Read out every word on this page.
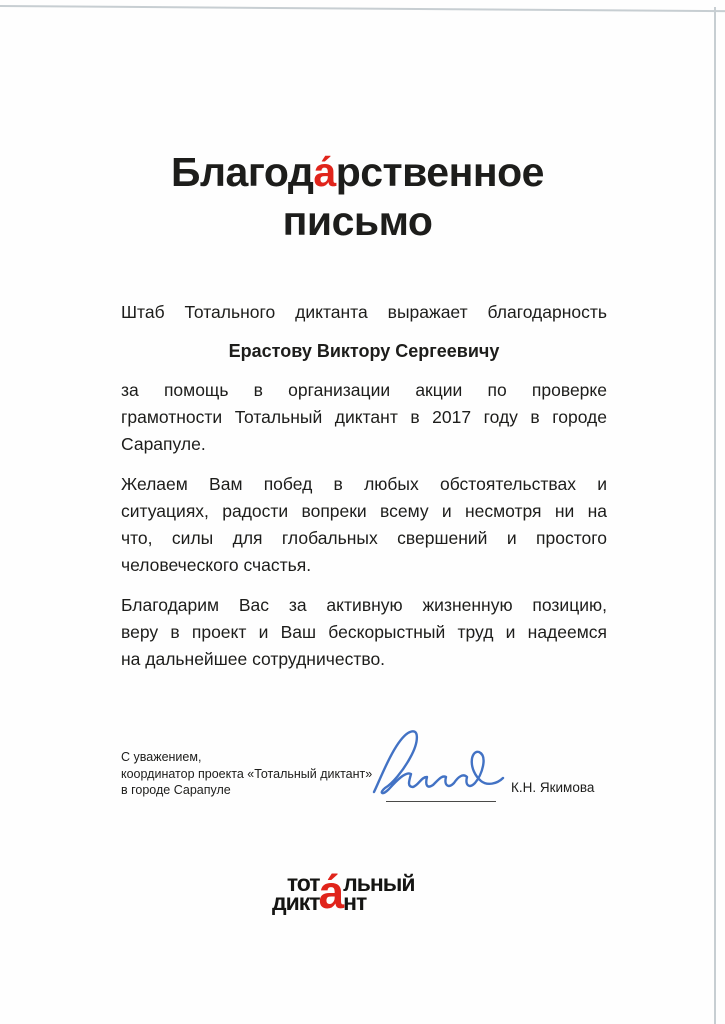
Благода́рственное
письмо

Штаб Тотального диктанта выражает благодарность

Ерастову Виктору Сергеевичу

за помощь в организации акции по проверке

грамотности Тотальный диктант в 2017 году в городе

Сарапуле.

Желаем Вам побед в любых обстоятельствах и

ситуациях, радости вопреки всему и несмотря ни на

что, силы для глобальных свершений и простого

человеческого счастья.

Благодарим Вас за активную жизненную позицию,

веру в проект и Ваш бескорыстный труд и надеемся

на дальнейшее сотрудничество.

С уважением,

координатор проекта «Тотальный диктант»

в городе Сарапуле	К.Н. Якимова
тот
дикт а́ льный
нт
